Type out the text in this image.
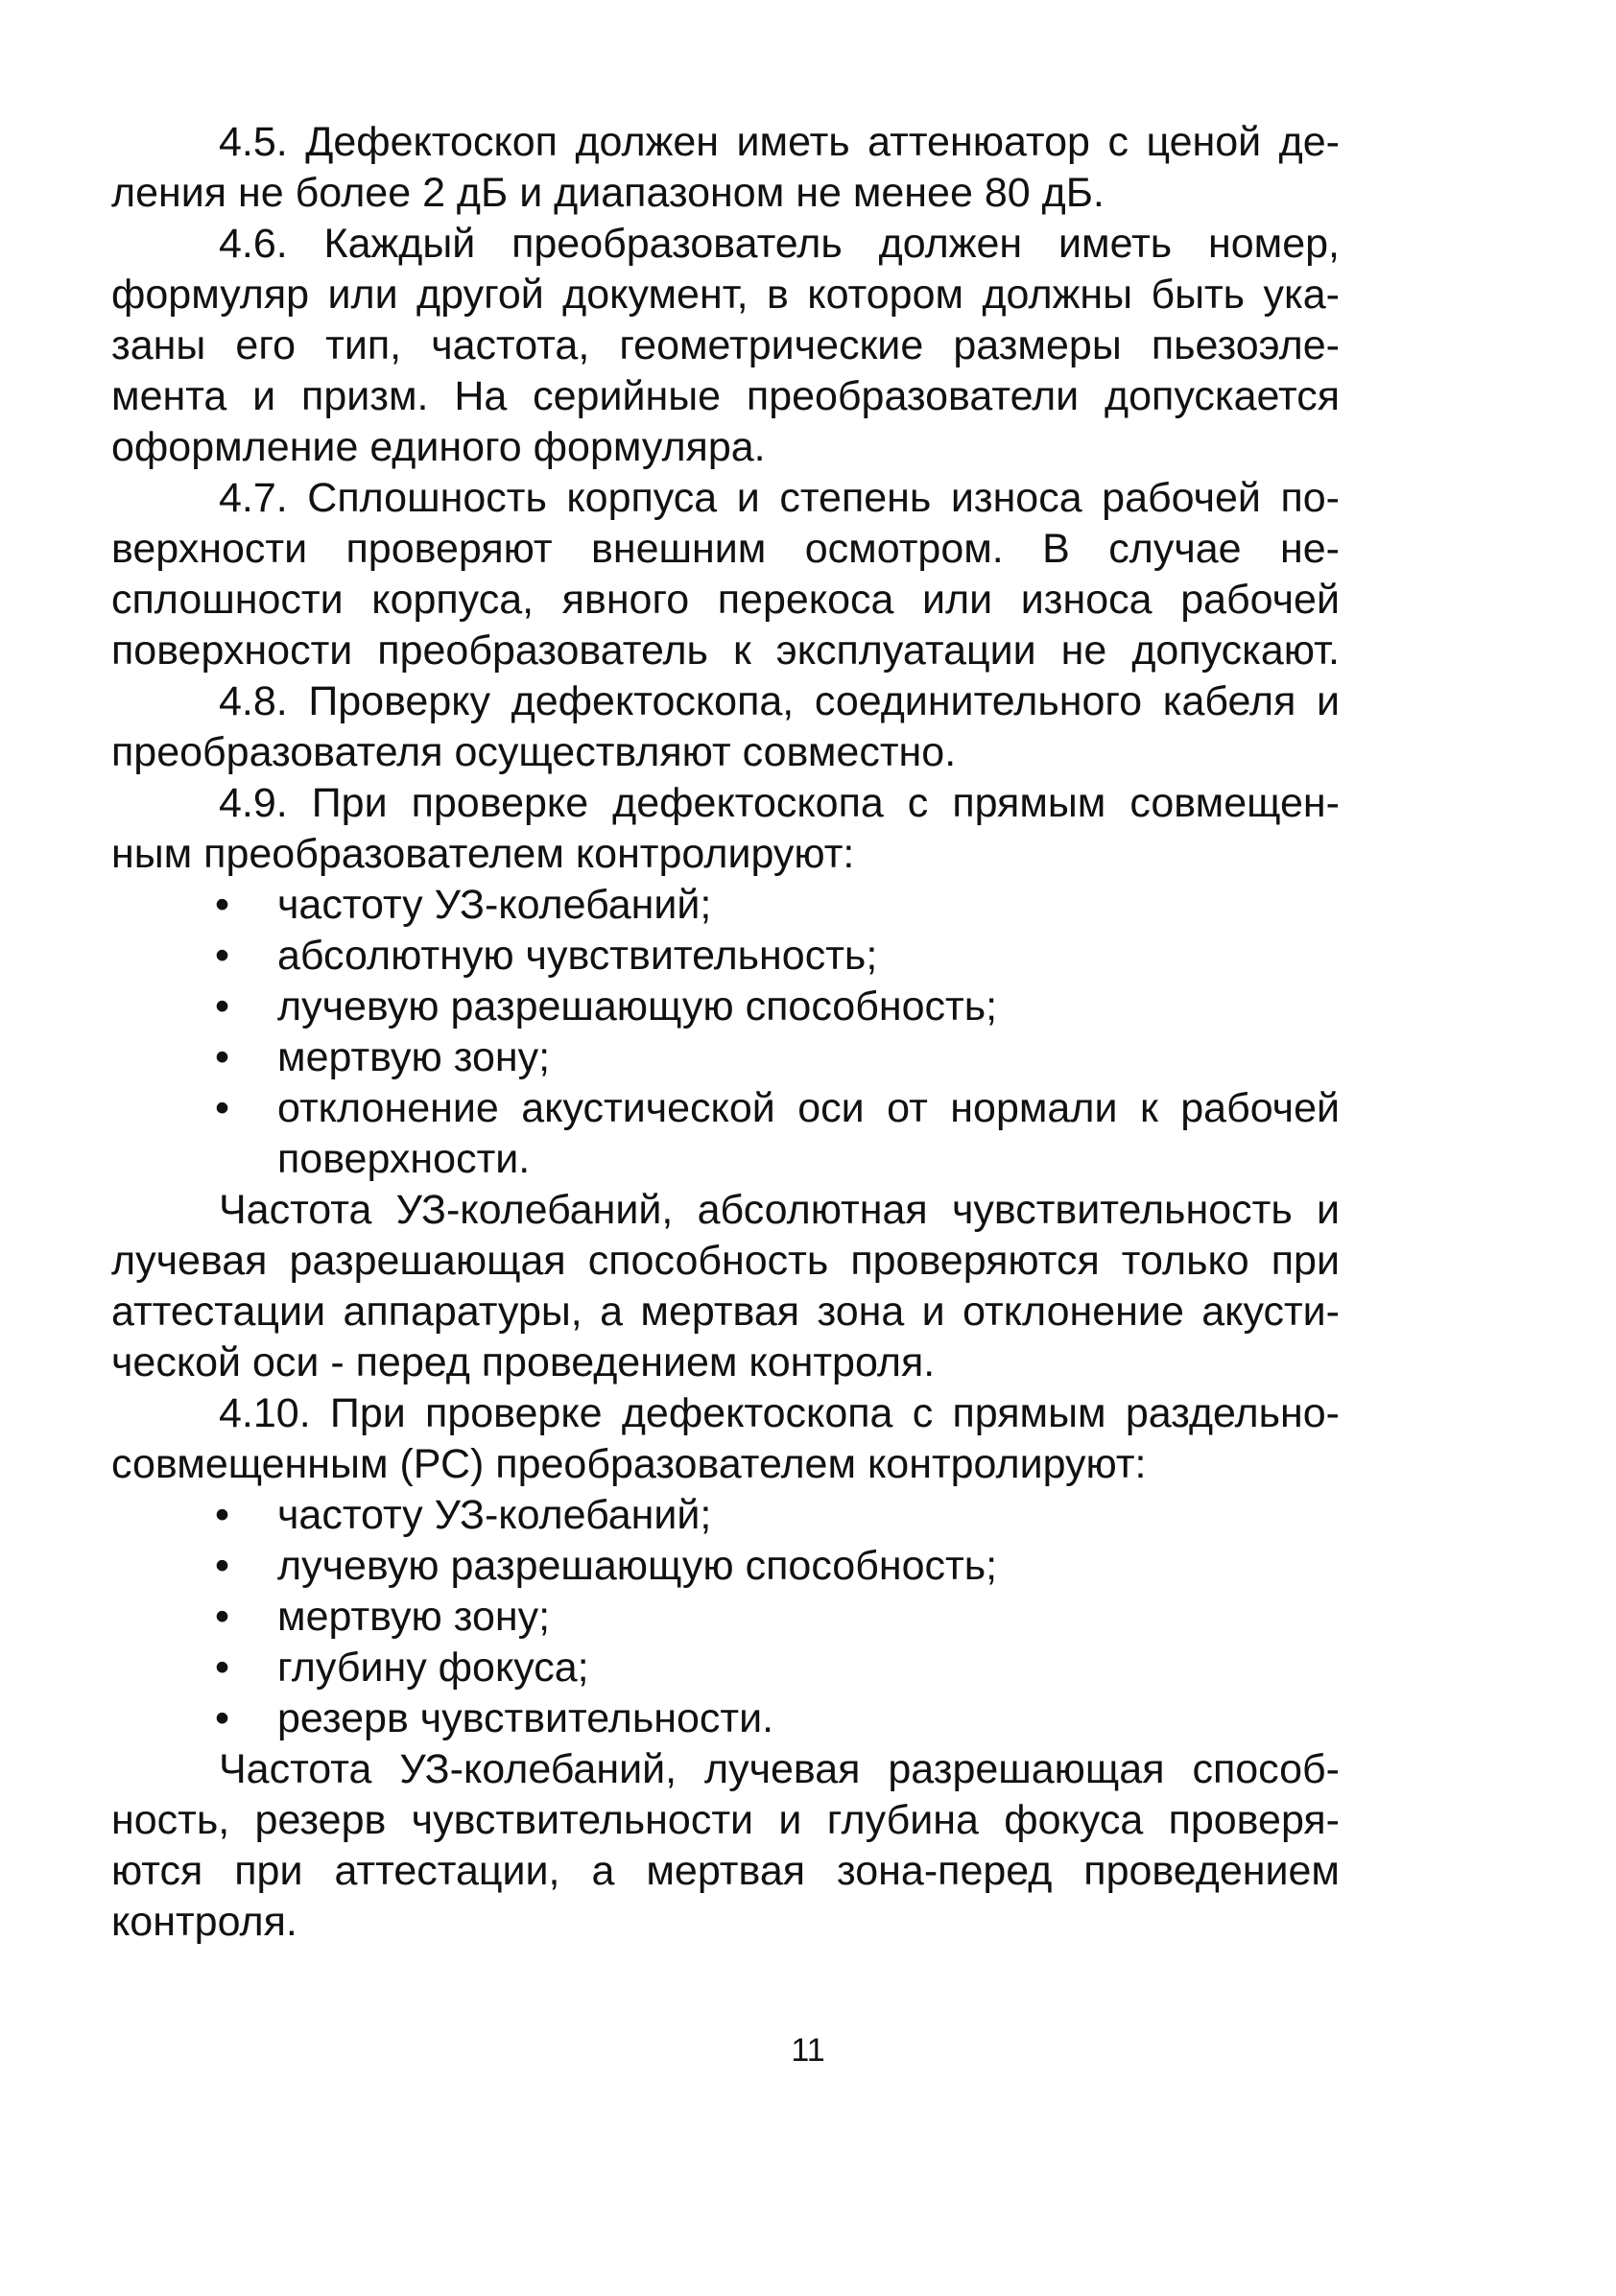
4.5. Дефектоскоп должен иметь аттенюатор с ценой де-
ления не более 2 дБ и диапазоном не менее 80 дБ.
4.6. Каждый преобразователь должен иметь номер,
формуляр или другой документ, в котором должны быть ука-
заны его тип, частота, геометрические размеры пьезоэле-
мента и призм. На серийные преобразователи допускается
оформление единого формуляра.
4.7. Сплошность корпуса и степень износа рабочей по-
верхности проверяют внешним осмотром. В случае не-
сплошности корпуса, явного перекоса или износа рабочей
поверхности преобразователь к эксплуатации не допускают.
4.8. Проверку дефектоскопа, соединительного кабеля и
преобразователя осуществляют совместно.
4.9. При проверке дефектоскопа с прямым совмещен-
ным преобразователем контролируют:
• частоту УЗ-колебаний;
• абсолютную чувствительность;
• лучевую разрешающую способность;
• мертвую зону;
• отклонение акустической оси от нормали к рабочей
поверхности.
Частота УЗ-колебаний, абсолютная чувствительность и
лучевая разрешающая способность проверяются только при
аттестации аппаратуры, а мертвая зона и отклонение акусти-
ческой оси - перед проведением контроля.
4.10. При проверке дефектоскопа с прямым раздельно-
совмещенным (РС) преобразователем контролируют:
• частоту УЗ-колебаний;
• лучевую разрешающую способность;
• мертвую зону;
• глубину фокуса;
• резерв чувствительности.
Частота УЗ-колебаний, лучевая разрешающая способ-
ность, резерв чувствительности и глубина фокуса проверя-
ются при аттестации, а мертвая зона-перед проведением
контроля.
11
